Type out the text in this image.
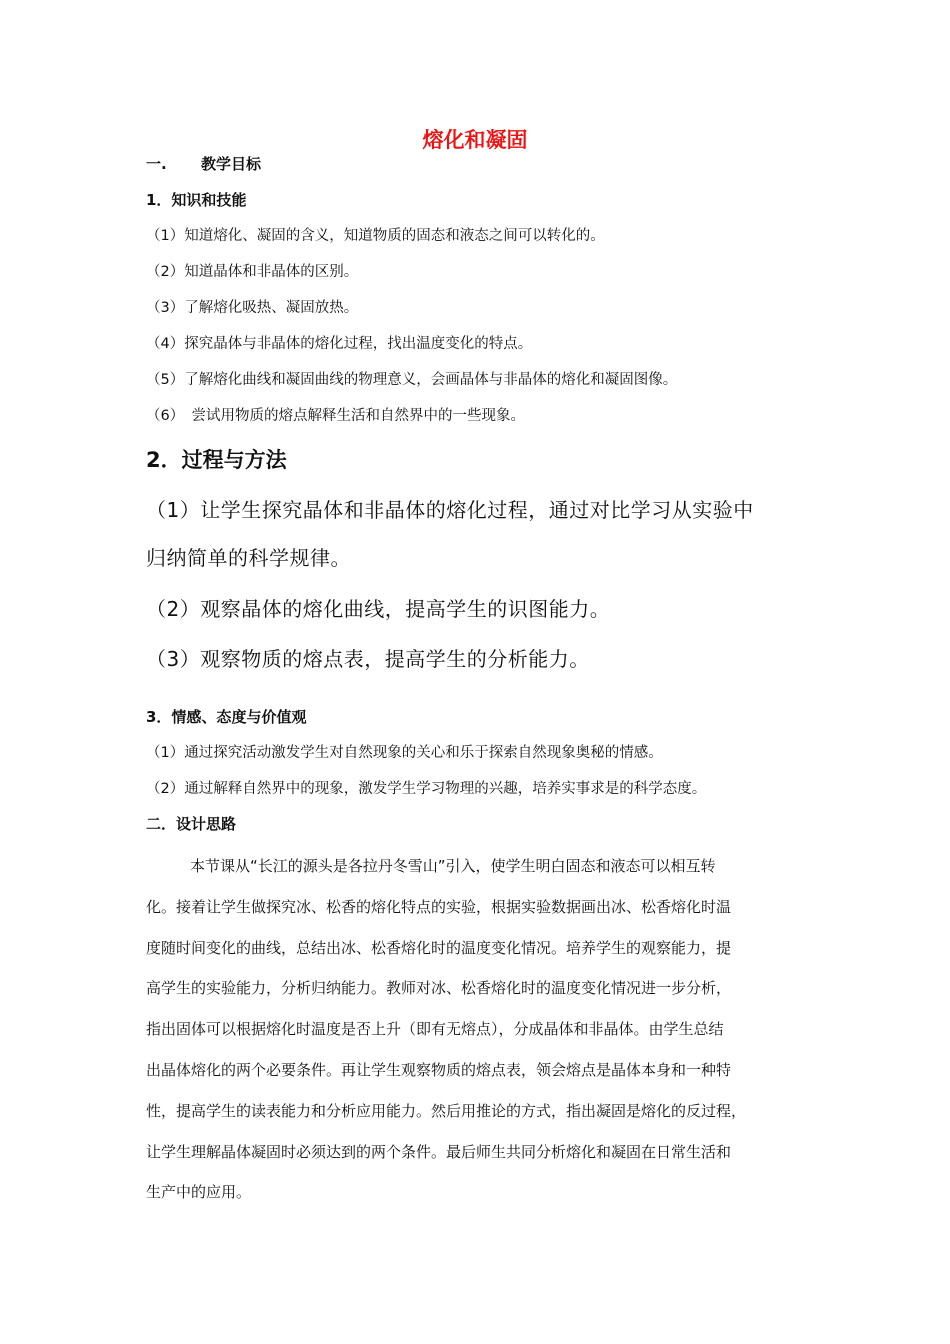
熔化和凝固
一. 教学目标
1．知识和技能
（1）知道熔化、凝固的含义，知道物质的固态和液态之间可以转化的。
（2）知道晶体和非晶体的区别。
（3）了解熔化吸热、凝固放热。
（4）探究晶体与非晶体的熔化过程，找出温度变化的特点。
（5）了解熔化曲线和凝固曲线的物理意义，会画晶体与非晶体的熔化和凝固图像。
（6）　尝试用物质的熔点解释生活和自然界中的一些现象。
2．过程与方法
（1）让学生探究晶体和非晶体的熔化过程，通过对比学习从实验中
归纳简单的科学规律。
（2）观察晶体的熔化曲线，提高学生的识图能力。
（3）观察物质的熔点表，提高学生的分析能力。
3．情感、态度与价值观
（1）通过探究活动激发学生对自然现象的关心和乐于探索自然现象奥秘的情感。
（2）通过解释自然界中的现象，激发学生学习物理的兴趣，培养实事求是的科学态度。
二．设计思路

本节课从“长江的源头是各拉丹冬雪山”引入，使学生明白固态和液态可以相互转

化。接着让学生做探究冰、松香的熔化特点的实验，根据实验数据画出冰、松香熔化时温

度随时间变化的曲线，总结出冰、松香熔化时的温度变化情况。培养学生的观察能力，提

高学生的实验能力，分析归纳能力。教师对冰、松香熔化时的温度变化情况进一步分析，

指出固体可以根据熔化时温度是否上升（即有无熔点），分成晶体和非晶体。由学生总结

出晶体熔化的两个必要条件。再让学生观察物质的熔点表，领会熔点是晶体本身和一种特

性，提高学生的读表能力和分析应用能力。然后用推论的方式，指出凝固是熔化的反过程，

让学生理解晶体凝固时必须达到的两个条件。最后师生共同分析熔化和凝固在日常生活和

生产中的应用。
